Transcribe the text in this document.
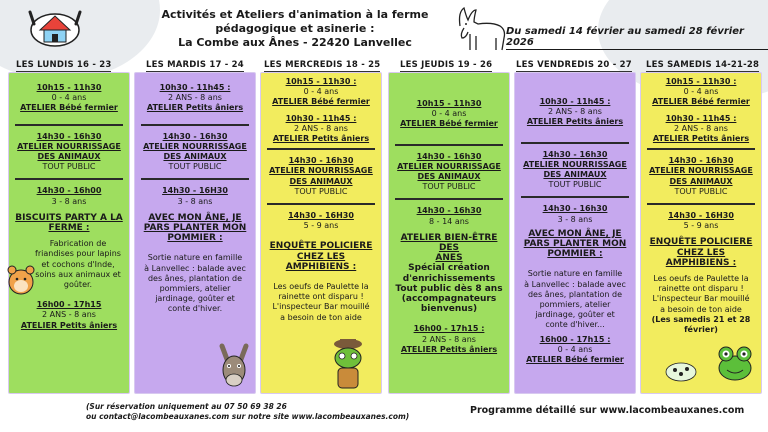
Activités et Ateliers d'animation à la ferme
pédagogique et asinerie :
La Combe aux Ânes - 22420 Lanvellec
Du samedi 14 février au samedi 28 février 2026
LES LUNDIS 16 - 23	LES MARDIS 17 - 24 LES MERCREDIS 18 - 25 LES JEUDIS 19 - 26	LES VENDREDIS 20 - 27 LES SAMEDIS 14-21-28
10h15 - 11h30
0 - 4 ans
ATELIER Bébé fermier
14h30 - 16h30
ATELIER NOURRISSAGE
DES ANIMAUX
TOUT PUBLIC
14h30 - 16h00
3 - 8 ans
BISCUITS PARTY A LA
FERME :
Fabrication de
friandises pour lapins
et cochons d'Inde,
soins aux animaux et
goûter.
16h00 - 17h15
2 ANS - 8 ans
ATELIER Petits âniers
10h30 - 11h45 :
2 ANS - 8 ans
ATELIER Petits âniers
14h30 - 16h30
ATELIER NOURRISSAGE
DES ANIMAUX
TOUT PUBLIC
14h30 - 16H30
3 - 8 ans
AVEC MON ÂNE, JE
PARS PLANTER MON
POMMIER :
Sortie nature en famille
à Lanvellec : balade avec
des ânes, plantation de
pommiers, atelier
jardinage, goûter et
conte d'hiver.
10h15 - 11h30 :
0 - 4 ans
ATELIER Bébé fermier
10h30 - 11h45 :
2 ANS - 8 ans
ATELIER Petits âniers
14h30 - 16h30
ATELIER NOURRISSAGE
DES ANIMAUX
TOUT PUBLIC
14h30 - 16H30
5 - 9 ans
ENQUÊTE POLICIERE
CHEZ LES AMPHIBIENS :
Les oeufs de Paulette la
rainette ont disparu !
L'inspecteur Bar mouillé
a besoin de ton aide
10h15 - 11h30
0 - 4 ans
ATELIER Bébé fermier
14h30 - 16h30
ATELIER NOURRISSAGE
DES ANIMAUX
TOUT PUBLIC
14h30 - 16h30
8 - 14 ans
ATELIER BIEN-ÊTRE DES
ANES
Spécial création
d'enrichissements
Tout public dès 8 ans
(accompagnateurs
bienvenus)
16h00 - 17h15 :
2 ANS - 8 ans
ATELIER Petits âniers
10h30 - 11h45 :
2 ANS - 8 ans
ATELIER Petits âniers
14h30 - 16h30
ATELIER NOURRISSAGE
DES ANIMAUX
TOUT PUBLIC
14h30 - 16h30
3 - 8 ans
AVEC MON ÂNE, JE
PARS PLANTER MON
POMMIER :
Sortie nature en famille
à Lanvellec : balade avec
des ânes, plantation de
pommiers, atelier
jardinage, goûter et
conte d'hiver...
16h00 - 17h15 :
0 - 4 ans
ATELIER Bébé fermier
10h15 - 11h30 :
0 - 4 ans
ATELIER Bébé fermier
10h30 - 11h45 :
2 ANS - 8 ans
ATELIER Petits âniers
14h30 - 16h30
ATELIER NOURRISSAGE
DES ANIMAUX
TOUT PUBLIC
14h30 - 16H30
5 - 9 ans
ENQUÊTE POLICIERE
CHEZ LES AMPHIBIENS :
Les oeufs de Paulette la
rainette ont disparu !
L'inspecteur Bar mouillé
a besoin de ton aide
(Les samedis 21 et 28
février)
(Sur réservation uniquement au 07 50 69 38 26
ou contact@lacombeauxanes.com sur notre site www.lacombeauxanes.com)
Programme détaillé sur www.lacombeauxanes.com
